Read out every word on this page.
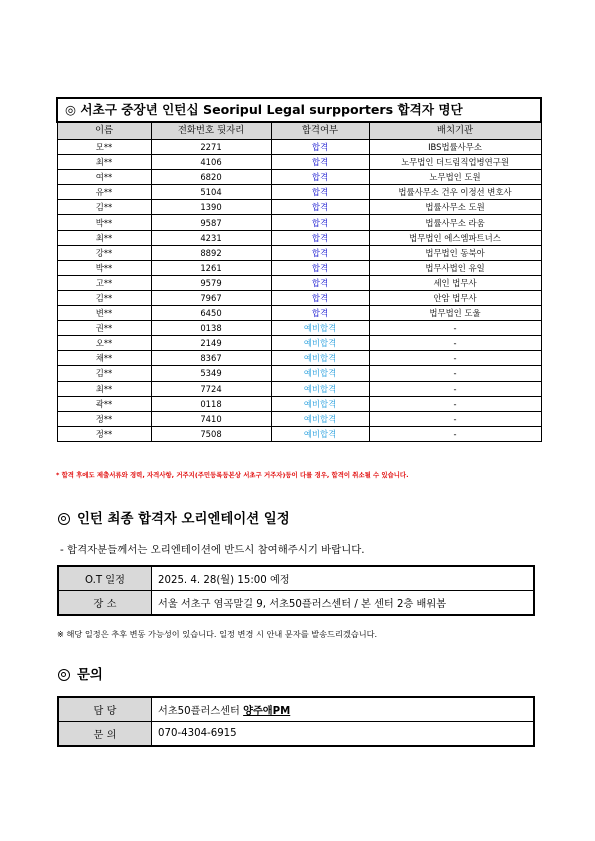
◎ 서초구 중장년 인턴십 Seoripul Legal surpporters 합격자 명단			
이름	전화번호 뒷자리	합격여부	배치기관
모**	2271	합격	IBS법률사무소
최**	4106	합격	노무법인 더드림직업병연구원
여**	6820	합격	노무법인 도원
유**	5104	합격	법률사무소 건우 이정선 변호사
김**	1390	합격	법률사무소 도원
박**	9587	합격	법률사무소 라움
최**	4231	합격	법무법인 에스엠파트너스
강**	8892	합격	법무법인 동북아
박**	1261	합격	법무사법인 유일
고**	9579	합격	세인 법무사
김**	7967	합격	안암 법무사
변**	6450	합격	법무법인 도울
권**	0138	예비합격	-
오**	2149	예비합격	-
채**	8367	예비합격	-
김**	5349	예비합격	-
최**	7724	예비합격	-
곽**	0118	예비합격	-
정**	7410	예비합격	-
정**	7508	예비합격	-
* 합격 후에도 제출서류와 경력, 자격사항, 거주지(주민등록등본상 서초구 거주자)등이 다를 경우, 합격이 취소될 수 있습니다.
인턴 최종 합격자 오리엔테이션 일정
- 합격자분들께서는 오리엔테이션에 반드시 참여해주시기 바랍니다.
O.T 일정	2025. 4. 28(월) 15:00 예정
장 소	서울 서초구 염곡말길 9, 서초50플러스센터 / 본 센터 2층 배워봄
※ 해당 일정은 추후 변동 가능성이 있습니다. 일정 변경 시 안내 문자를 발송드리겠습니다.
문의
담 당	서초50플러스센터 양주애PM
문 의	070-4304-6915
